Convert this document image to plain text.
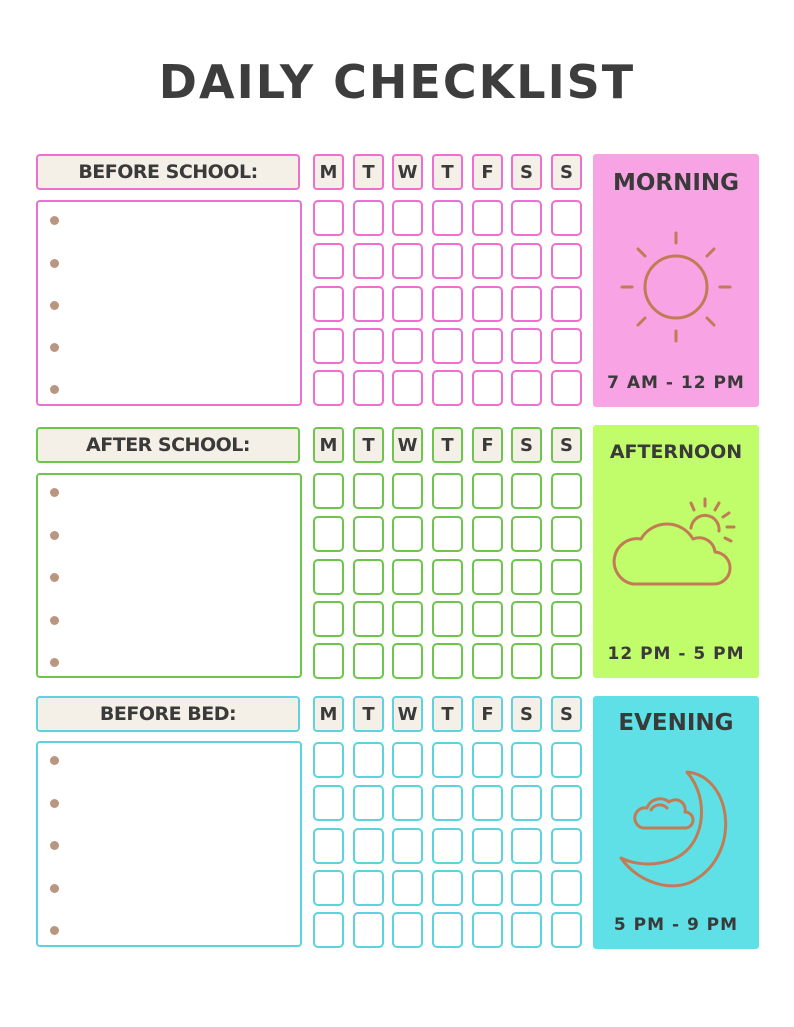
DAILY CHECKLIST
BEFORE SCHOOL:	MORNING
7 AM - 12 PM
M	T	W	T	F	S	S
AFTER SCHOOL:	AFTERNOON
12 PM - 5 PM
M	T	W	T	F	S	S
BEFORE BED:	EVENING
5 PM - 9 PM
M	T	W	T	F	S	S
